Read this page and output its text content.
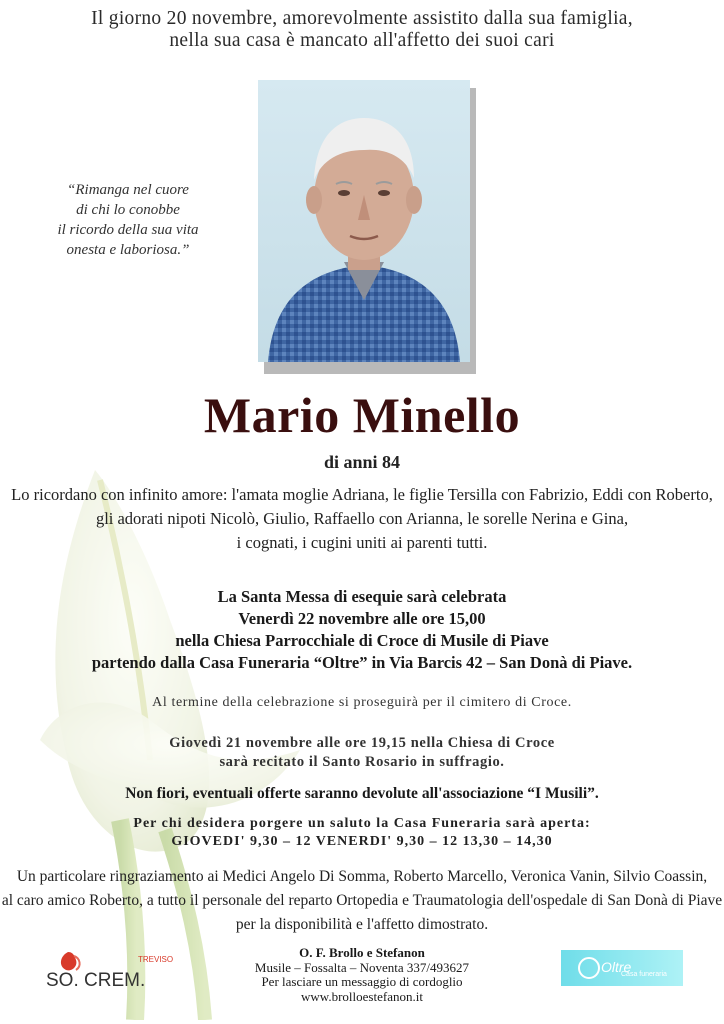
Il giorno 20 novembre, amorevolmente assistito dalla sua famiglia,
nella sua casa è mancato all'affetto dei suoi cari
“Rimanga nel cuore
di chi lo conobbe
il ricordo della sua vita
onesta e laboriosa.”
Mario Minello
di anni 84
Lo ricordano con infinito amore: l'amata moglie Adriana, le figlie Tersilla con Fabrizio, Eddi con Roberto,
gli adorati nipoti Nicolò, Giulio, Raffaello con Arianna, le sorelle Nerina e Gina,
i cognati, i cugini uniti ai parenti tutti.
La Santa Messa di esequie sarà celebrata
Venerdì 22 novembre alle ore 15,00
nella Chiesa Parrocchiale di Croce di Musile di Piave
partendo dalla Casa Funeraria “Oltre” in Via Barcis 42 – San Donà di Piave.
Al termine della celebrazione si proseguirà per il cimitero di Croce.
Giovedì 21 novembre alle ore 19,15 nella Chiesa di Croce
sarà recitato il Santo Rosario in suffragio.
Non fiori, eventuali offerte saranno devolute all'associazione “I Musili”.
Per chi desidera porgere un saluto la Casa Funeraria sarà aperta:
GIOVEDI' 9,30 – 12 VENERDI' 9,30 – 12 13,30 – 14,30
Un particolare ringraziamento ai Medici Angelo Di Somma, Roberto Marcello, Veronica Vanin, Silvio Coassin,
al caro amico Roberto, a tutto il personale del reparto Ortopedia e Traumatologia dell'ospedale di San Donà di Piave
per la disponibilità e l'affetto dimostrato.
O. F. Brollo e Stefanon
Musile – Fossalta – Noventa 337/493627
Per lasciare un messaggio di cordoglio
www.brolloestefanon.it
TREVISO
SO. CREM.
Oltre
Casa funeraria
